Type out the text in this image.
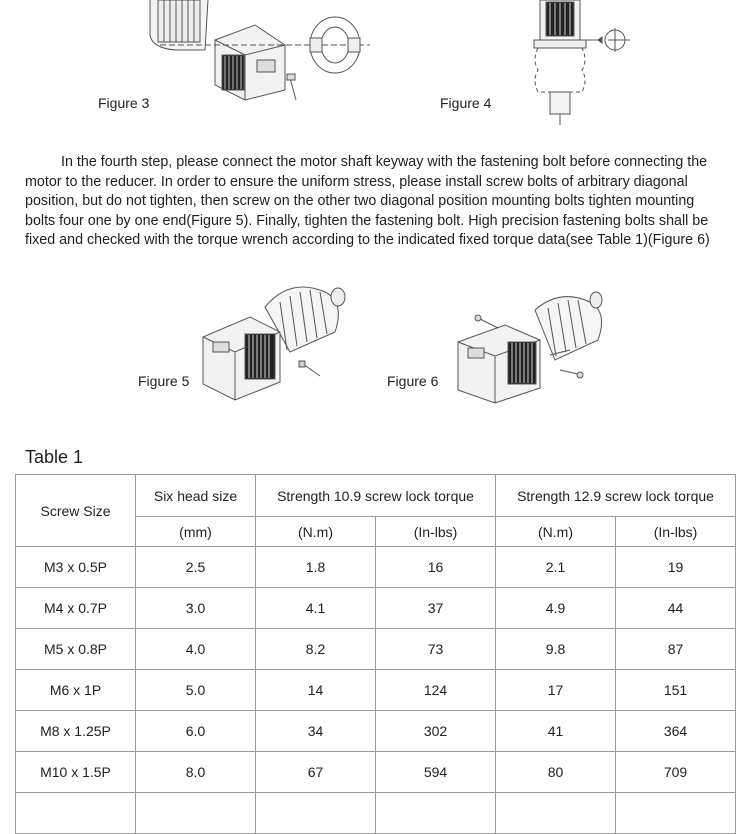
Figure 3	Figure 4

In the fourth step, please connect the motor shaft keyway with the fastening bolt before connecting the motor to the reducer. In order to ensure the uniform stress, please install screw bolts of arbitrary diagonal position, but do not tighten, then screw on the other two diagonal position mounting bolts tighten mounting bolts four one by one end(Figure 5). Finally, tighten the fastening bolt. High precision fastening bolts shall be fixed and checked with the torque wrench according to the indicated fixed torque data(see Table 1)(Figure 6)

Figure 5	Figure 6
Table 1
Screw Size	Six head size	Strength 10.9 screw lock torque		Strength 12.9 screw lock torque	
	(mm)	(N.m)	(In-lbs)	(N.m)	(In-lbs)
M3 x 0.5P	2.5	1.8	16	2.1	19
M4 x 0.7P	3.0	4.1	37	4.9	44
M5 x 0.8P	4.0	8.2	73	9.8	87
M6 x 1P	5.0	14	124	17	151
M8 x 1.25P	6.0	34	302	41	364
M10 x 1.5P	8.0	67	594	80	709
